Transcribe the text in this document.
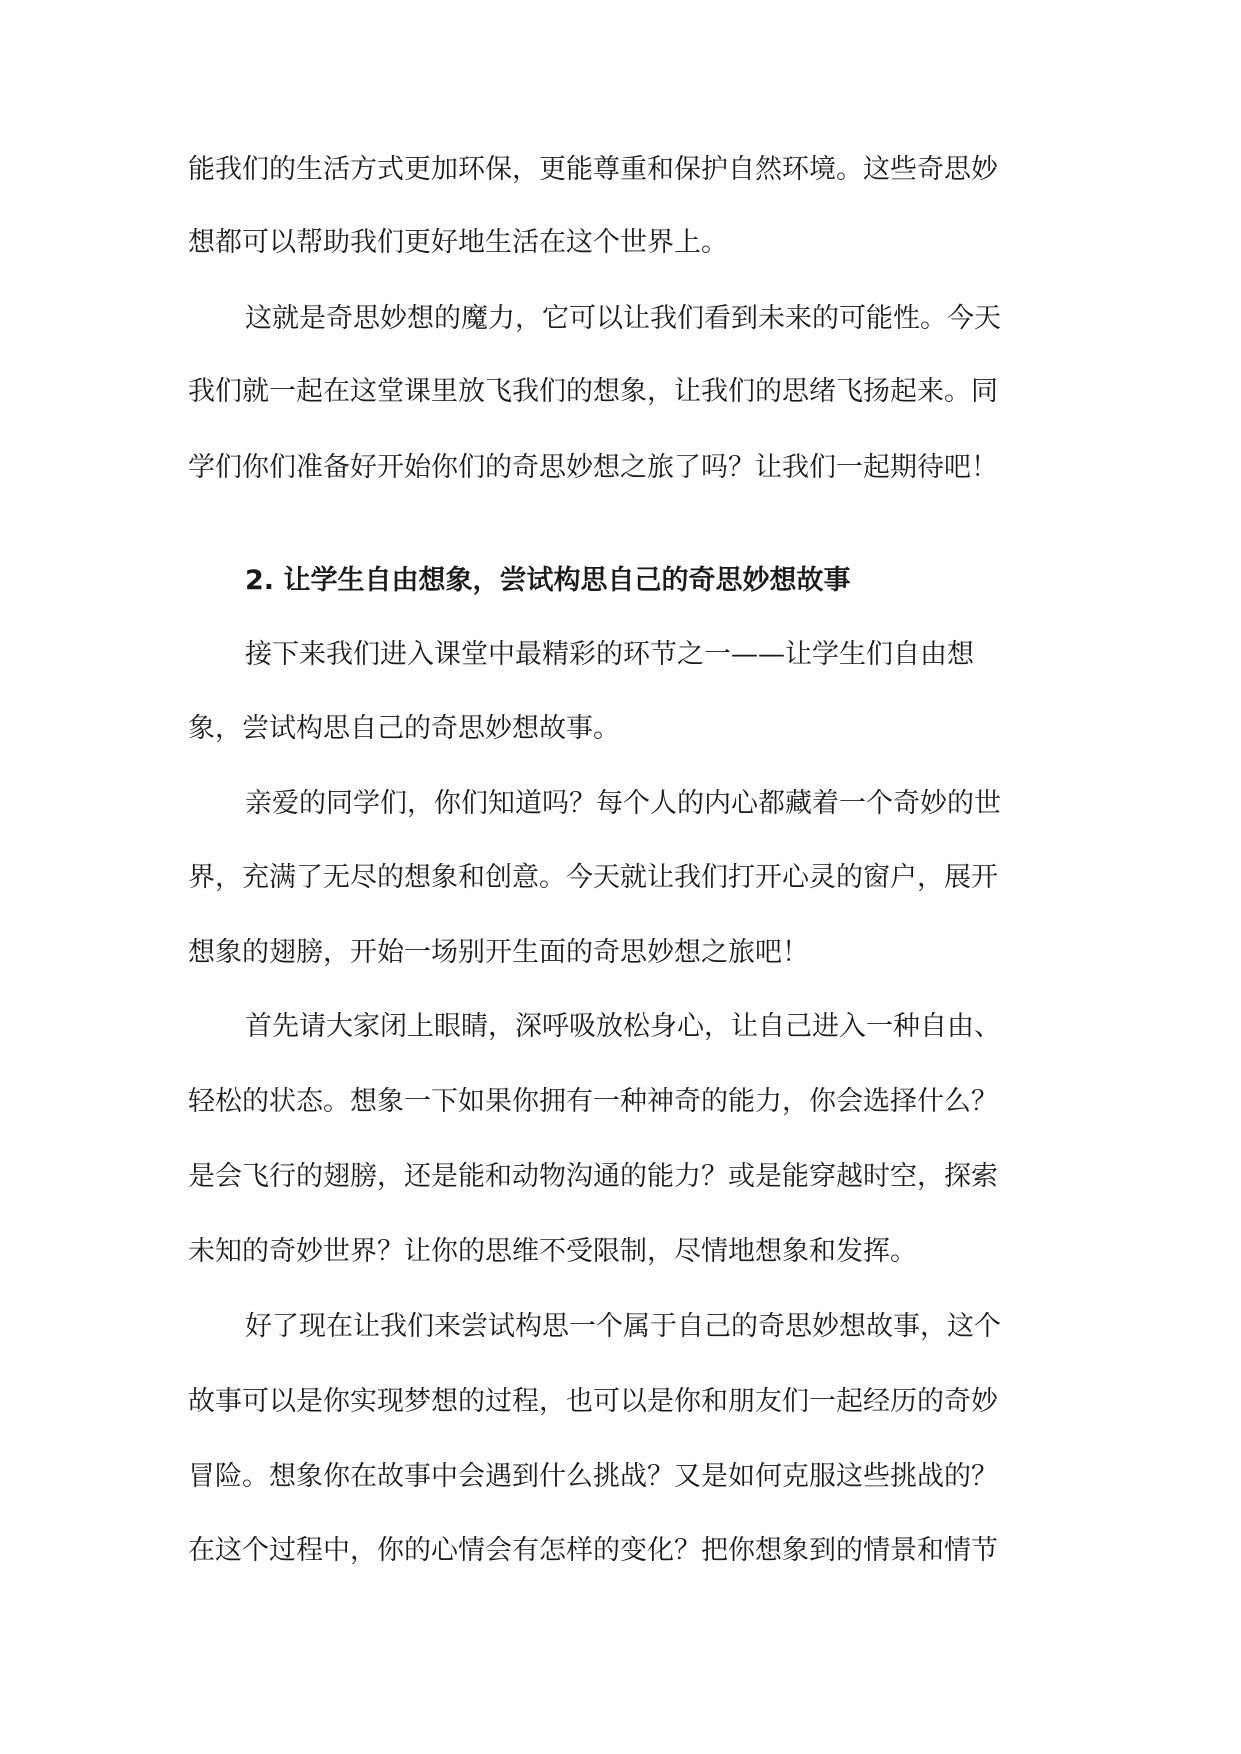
能我们的生活方式更加环保，更能尊重和保护自然环境。这些奇思妙
想都可以帮助我们更好地生活在这个世界上。
这就是奇思妙想的魔力，它可以让我们看到未来的可能性。今天
我们就一起在这堂课里放飞我们的想象，让我们的思绪飞扬起来。同
学们你们准备好开始你们的奇思妙想之旅了吗？让我们一起期待吧！
2. 让学生自由想象，尝试构思自己的奇思妙想故事
接下来我们进入课堂中最精彩的环节之一——让学生们自由想
象，尝试构思自己的奇思妙想故事。
亲爱的同学们，你们知道吗？每个人的内心都藏着一个奇妙的世
界，充满了无尽的想象和创意。今天就让我们打开心灵的窗户，展开
想象的翅膀，开始一场别开生面的奇思妙想之旅吧！
首先请大家闭上眼睛，深呼吸放松身心，让自己进入一种自由、
轻松的状态。想象一下如果你拥有一种神奇的能力，你会选择什么？
是会飞行的翅膀，还是能和动物沟通的能力？或是能穿越时空，探索
未知的奇妙世界？让你的思维不受限制，尽情地想象和发挥。
好了现在让我们来尝试构思一个属于自己的奇思妙想故事，这个
故事可以是你实现梦想的过程，也可以是你和朋友们一起经历的奇妙
冒险。想象你在故事中会遇到什么挑战？又是如何克服这些挑战的？
在这个过程中，你的心情会有怎样的变化？把你想象到的情景和情节
